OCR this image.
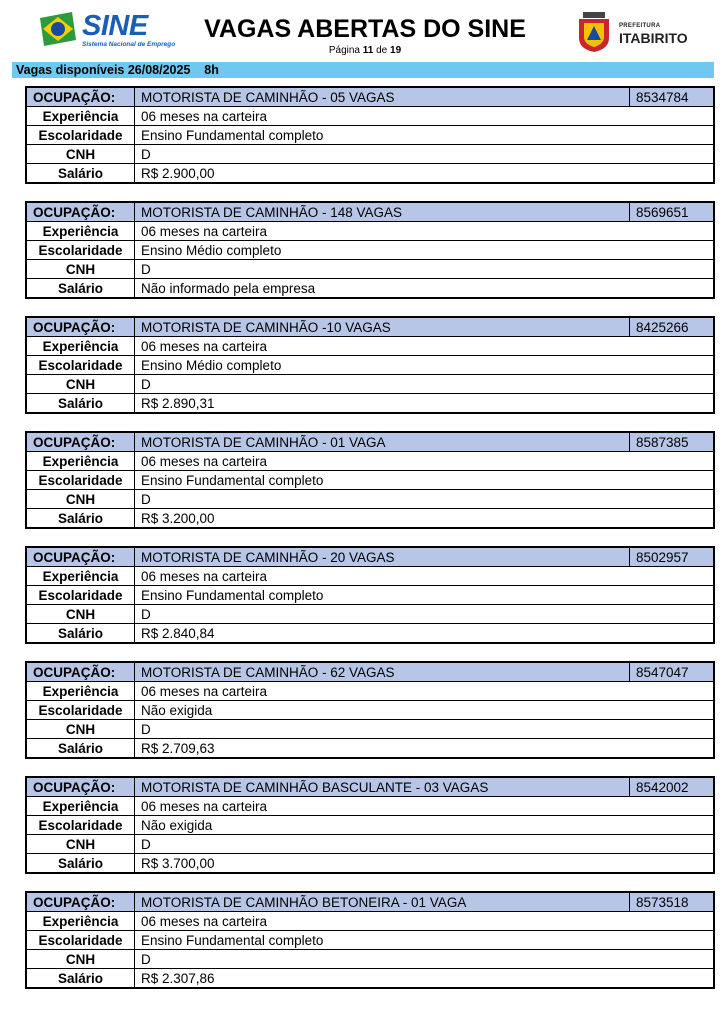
SINE
Sistema Nacional de Emprego
VAGAS ABERTAS DO SINE
Página 11 de 19
PREFEITURA
ITABIRITO
Vagas disponíveis 26/08/2025    8h
OCUPAÇÃO:	MOTORISTA DE CAMINHÃO - 05 VAGAS	8534784
Experiência	06 meses na carteira	
Escolaridade	Ensino Fundamental completo	
CNH	D	
Salário	R$ 2.900,00	
OCUPAÇÃO:	MOTORISTA DE CAMINHÃO - 148 VAGAS	8569651
Experiência	06 meses na carteira	
Escolaridade	Ensino Médio completo	
CNH	D	
Salário	Não informado pela empresa	
OCUPAÇÃO:	MOTORISTA DE CAMINHÃO -10 VAGAS	8425266
Experiência	06 meses na carteira	
Escolaridade	Ensino Médio completo	
CNH	D	
Salário	R$ 2.890,31	
OCUPAÇÃO:	MOTORISTA DE CAMINHÃO - 01 VAGA	8587385
Experiência	06 meses na carteira	
Escolaridade	Ensino Fundamental completo	
CNH	D	
Salário	R$ 3.200,00	
OCUPAÇÃO:	MOTORISTA DE CAMINHÃO - 20 VAGAS	8502957
Experiência	06 meses na carteira	
Escolaridade	Ensino Fundamental completo	
CNH	D	
Salário	R$ 2.840,84	
OCUPAÇÃO:	MOTORISTA DE CAMINHÃO - 62 VAGAS	8547047
Experiência	06 meses na carteira	
Escolaridade	Não exigida	
CNH	D	
Salário	R$ 2.709,63	
OCUPAÇÃO:	MOTORISTA DE CAMINHÃO BASCULANTE - 03 VAGAS	8542002
Experiência	06 meses na carteira	
Escolaridade	Não exigida	
CNH	D	
Salário	R$ 3.700,00	
OCUPAÇÃO:	MOTORISTA DE CAMINHÃO BETONEIRA - 01 VAGA	8573518
Experiência	06 meses na carteira	
Escolaridade	Ensino Fundamental completo	
CNH	D	
Salário	R$ 2.307,86	
